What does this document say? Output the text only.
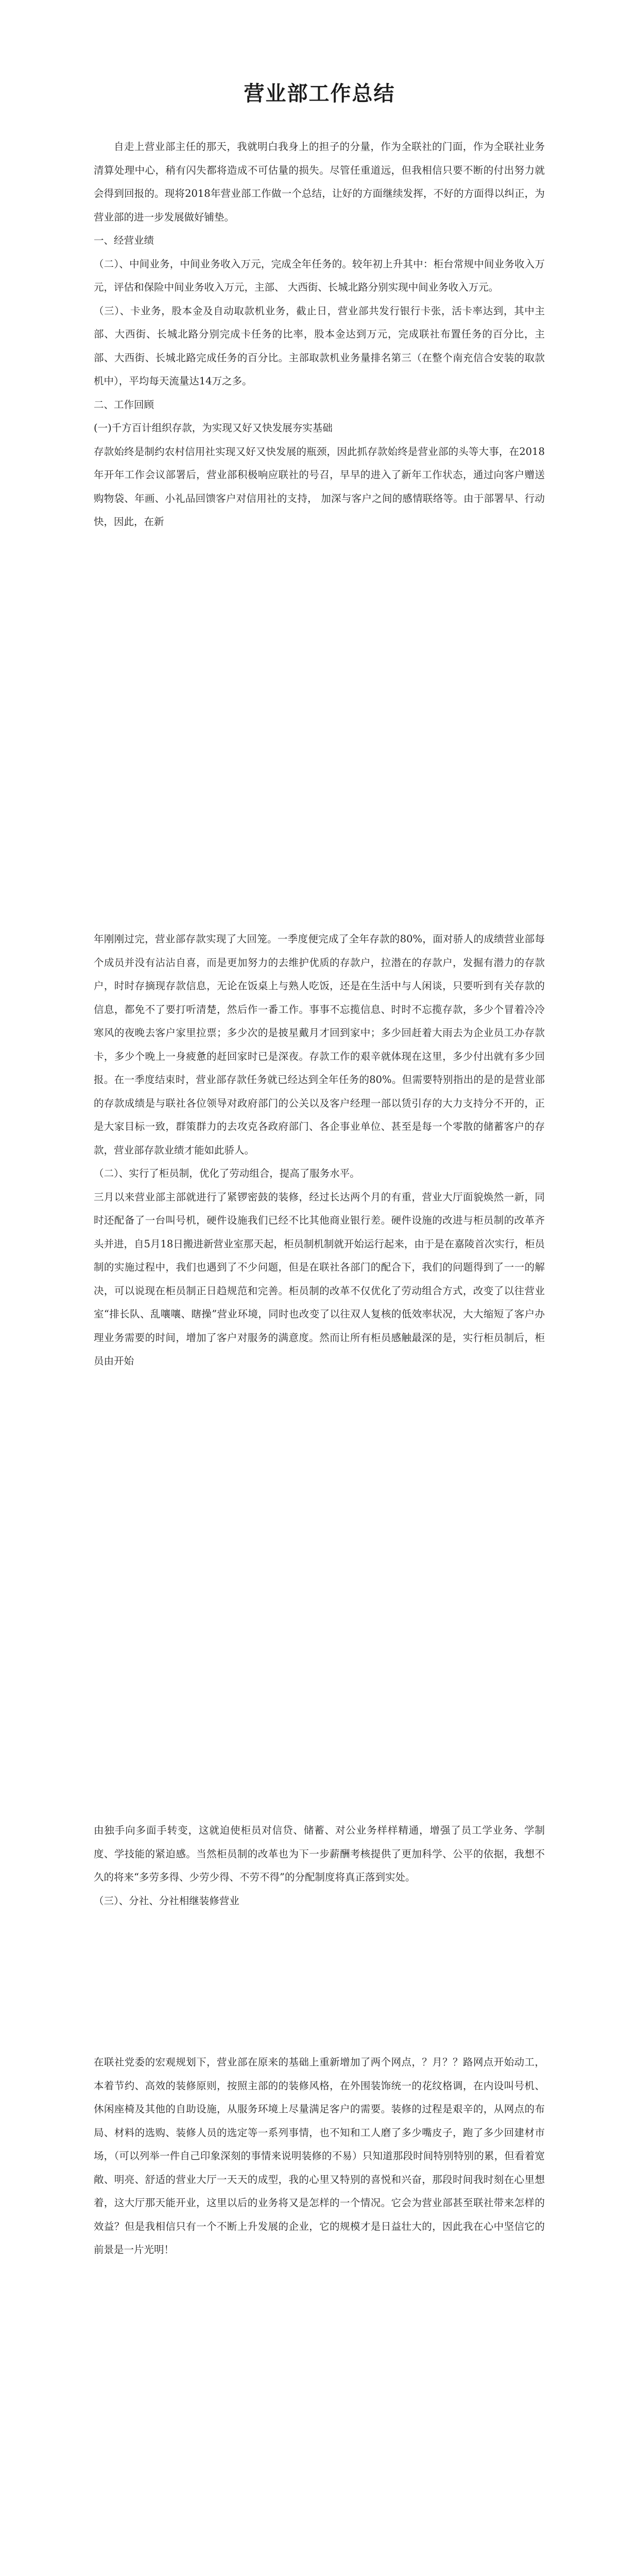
营业部工作总结

自走上营业部主任的那天，我就明白我身上的担子的分量，作为全联社的门面，作为全联社业务清算处理中心，稍有闪失都将造成不可估量的损失。尽管任重道远，但我相信只要不断的付出努力就会得到回报的。现将2018年营业部工作做一个总结，让好的方面继续发挥，不好的方面得以纠正，为营业部的进一步发展做好铺垫。

一、经营业绩

（二）、中间业务，中间业务收入万元，完成全年任务的。较年初上升其中：柜台常规中间业务收入万元，评估和保险中间业务收入万元，主部、 大西街、长城北路分别实现中间业务收入万元。

（三）、卡业务，股本金及自动取款机业务，截止日，营业部共发行银行卡张，活卡率达到，其中主部、大西街、长城北路分别完成卡任务的比率，股本金达到万元，完成联社布置任务的百分比，主部、大西街、长城北路完成任务的百分比。主部取款机业务量排名第三（在整个南充信合安装的取款机中），平均每天流量达14万之多。

二、工作回顾

(一)千方百计组织存款，为实现又好又快发展夯实基础

存款始终是制约农村信用社实现又好又快发展的瓶颈，因此抓存款始终是营业部的头等大事，在2018年开年工作会议部署后，营业部积极响应联社的号召，早早的进入了新年工作状态，通过向客户赠送购物袋、年画、小礼品回馈客户对信用社的支持， 加深与客户之间的感情联络等。由于部署早、行动快，因此，在新

年刚刚过完，营业部存款实现了大回笼。一季度便完成了全年存款的80%，面对骄人的成绩营业部每个成员并没有沾沾自喜，而是更加努力的去维护优质的存款户，拉潜在的存款户，发掘有潜力的存款户，时时存摘现存款信息，无论在饭桌上与熟人吃饭，还是在生活中与人闲谈，只要听到有关存款的信息，都免不了要打听清楚，然后作一番工作。事事不忘揽信息、时时不忘揽存款，多少个冒着冷冷寒风的夜晚去客户家里拉票；多少次的是披星戴月才回到家中；多少回赶着大雨去为企业员工办存款卡，多少个晚上一身疲惫的赶回家时已是深夜。存款工作的艰辛就体现在这里，多少付出就有多少回报。在一季度结束时，营业部存款任务就已经达到全年任务的80%。但需要特别指出的是的是营业部的存款成绩是与联社各位领导对政府部门的公关以及客户经理一部以赁引存的大力支持分不开的，正是大家目标一致，群策群力的去攻克各政府部门、各企事业单位、甚至是每一个零散的储蓄客户的存款，营业部存款业绩才能如此骄人。

（二）、实行了柜员制，优化了劳动组合，提高了服务水平。

三月以来营业部主部就进行了紧锣密鼓的装修，经过长达两个月的有重，营业大厅面貌焕然一新，同时还配备了一台叫号机，硬件设施我们已经不比其他商业银行差。硬件设施的改进与柜员制的改革齐头并进，自5月18日搬进新营业室那天起，柜员制机制就开始运行起来，由于是在嘉陵首次实行，柜员制的实施过程中，我们也遇到了不少问题，但是在联社各部门的配合下，我们的问题得到了一一的解决，可以说现在柜员制正日趋规范和完善。柜员制的改革不仅优化了劳动组合方式，改变了以往营业室“排长队、乱嚷嚷、瞎操”营业环境，同时也改变了以往双人复核的低效率状况，大大缩短了客户办理业务需要的时间，增加了客户对服务的满意度。然而让所有柜员感触最深的是，实行柜员制后，柜员由开始

由独手向多面手转变，这就迫使柜员对信贷、储蓄、对公业务样样精通，增强了员工学业务、学制度、学技能的紧迫感。当然柜员制的改革也为下一步薪酬考核提供了更加科学、公平的依据，我想不久的将来“多劳多得、少劳少得、不劳不得”的分配制度将真正落到实处。

（三）、分社、分社相继装修营业

在联社党委的宏观规划下，营业部在原来的基础上重新增加了两个网点，？月？？路网点开始动工，本着节约、高效的装修原则，按照主部的的装修风格，在外围装饰统一的花纹格调，在内设叫号机、休闲座椅及其他的自助设施，从服务环境上尽量满足客户的需要。装修的过程是艰辛的，从网点的布局、材料的选购、装修人员的选定等一系列事情，也不知和工人磨了多少嘴皮子，跑了多少回建材市场，（可以列举一件自己印象深刻的事情来说明装修的不易）只知道那段时间特别特别的累，但看着宽敞、明亮、舒适的营业大厅一天天的成型，我的心里又特别的喜悦和兴奋，那段时间我时刻在心里想着，这大厅那天能开业，这里以后的业务将又是怎样的一个情况。它会为营业部甚至联社带来怎样的效益？但是我相信只有一个不断上升发展的企业，它的规模才是日益壮大的，因此我在心中坚信它的前景是一片光明！
